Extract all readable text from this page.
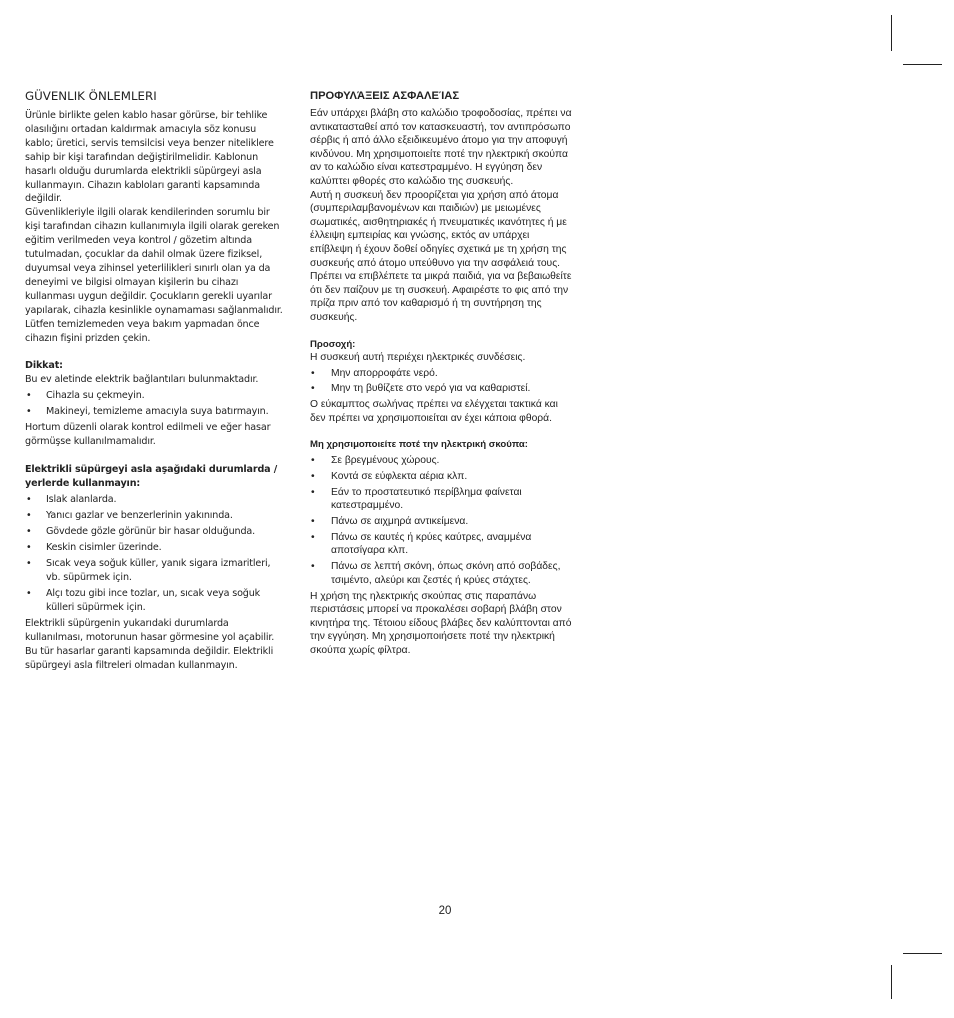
GÜVENLIK ÖNLEMLERI

Ürünle birlikte gelen kablo hasar görürse, bir tehlike olasılığını ortadan kaldırmak amacıyla söz konusu kablo; üretici, servis temsilcisi veya benzer niteliklere sahip bir kişi tarafından değiştirilmelidir. Kablonun hasarlı olduğu durumlarda elektrikli süpürgeyi asla kullanmayın. Cihazın kabloları garanti kapsamında değildir.

Güvenlikleriyle ilgili olarak kendilerinden sorumlu bir kişi tarafından cihazın kullanımıyla ilgili olarak gereken eğitim verilmeden veya kontrol / gözetim altında tutulmadan, çocuklar da dahil olmak üzere fiziksel, duyumsal veya zihinsel yeterlilikleri sınırlı olan ya da deneyimi ve bilgisi olmayan kişilerin bu cihazı kullanması uygun değildir. Çocukların gerekli uyarılar yapılarak, cihazla kesinlikle oynamaması sağlanmalıdır. Lütfen temizlemeden veya bakım yapmadan önce cihazın fişini prizden çekin.

Dikkat:

Bu ev aletinde elektrik bağlantıları bulunmaktadır.

• Cihazla su çekmeyin.
• Makineyi, temizleme amacıyla suya batırmayın.

Hortum düzenli olarak kontrol edilmeli ve eğer hasar görmüşse kullanılmamalıdır.

Elektrikli süpürgeyi asla aşağıdaki durumlarda / yerlerde kullanmayın:

• Islak alanlarda.
• Yanıcı gazlar ve benzerlerinin yakınında.
• Gövdede gözle görünür bir hasar olduğunda.
• Keskin cisimler üzerinde.
• Sıcak veya soğuk küller, yanık sigara izmaritleri, vb. süpürmek için.
• Alçı tozu gibi ince tozlar, un, sıcak veya soğuk külleri süpürmek için.

Elektrikli süpürgenin yukarıdaki durumlarda kullanılması, motorunun hasar görmesine yol açabilir. Bu tür hasarlar garanti kapsamında değildir. Elektrikli süpürgeyi asla filtreleri olmadan kullanmayın.

ΠΡΟΦΥΛΆΞΕΙΣ ΑΣΦΑΛΕΊΑΣ

Εάν υπάρχει βλάβη στο καλώδιο τροφοδοσίας, πρέπει να αντικατασταθεί από τον κατασκευαστή, τον αντιπρόσωπο σέρβις ή από άλλο εξειδικευμένο άτομο για την αποφυγή κινδύνου. Μη χρησιμοποιείτε ποτέ την ηλεκτρική σκούπα αν το καλώδιο είναι κατεστραμμένο. Η εγγύηση δεν καλύπτει φθορές στο καλώδιο της συσκευής.

Αυτή η συσκευή δεν προορίζεται για χρήση από άτομα (συμπεριλαμβανομένων και παιδιών) με μειωμένες σωματικές, αισθητηριακές ή πνευματικές ικανότητες ή με έλλειψη εμπειρίας και γνώσης, εκτός αν υπάρχει επίβλεψη ή έχουν δοθεί οδηγίες σχετικά με τη χρήση της συσκευής από άτομο υπεύθυνο για την ασφάλειά τους. Πρέπει να επιβλέπετε τα μικρά παιδιά, για να βεβαιωθείτε ότι δεν παίζουν με τη συσκευή. Αφαιρέστε το φις από την πρίζα πριν από τον καθαρισμό ή τη συντήρηση της συσκευής.

Προσοχή:

Η συσκευή αυτή περιέχει ηλεκτρικές συνδέσεις.

• Μην απορροφάτε νερό.
• Μην τη βυθίζετε στο νερό για να καθαριστεί.

Ο εύκαμπτος σωλήνας πρέπει να ελέγχεται τακτικά και δεν πρέπει να χρησιμοποιείται αν έχει κάποια φθορά.

Μη χρησιμοποιείτε ποτέ την ηλεκτρική σκούπα:

• Σε βρεγμένους χώρους.
• Κοντά σε εύφλεκτα αέρια κλπ.
• Εάν το προστατευτικό περίβλημα φαίνεται κατεστραμμένο.
• Πάνω σε αιχμηρά αντικείμενα.
• Πάνω σε καυτές ή κρύες καύτρες, αναμμένα αποτσίγαρα κλπ.
• Πάνω σε λεπτή σκόνη, όπως σκόνη από σοβάδες, τσιμέντο, αλεύρι και ζεστές ή κρύες στάχτες.

Η χρήση της ηλεκτρικής σκούπας στις παραπάνω περιστάσεις μπορεί να προκαλέσει σοβαρή βλάβη στον κινητήρα της. Τέτοιου είδους βλάβες δεν καλύπτονται από την εγγύηση. Μη χρησιμοποιήσετε ποτέ την ηλεκτρική σκούπα χωρίς φίλτρα.

20
